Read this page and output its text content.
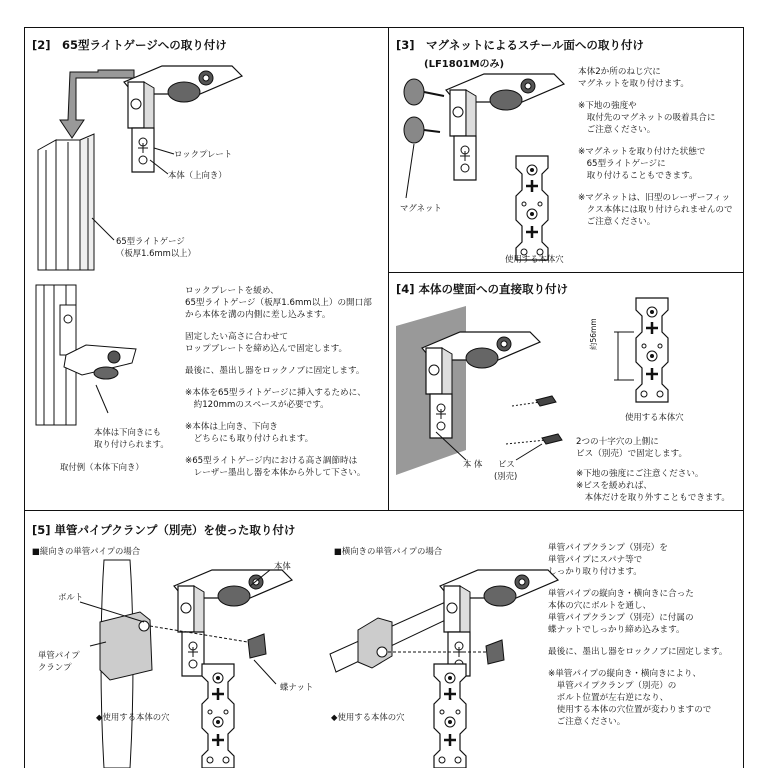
[2]　65型ライトゲージへの取り付け
ロックプレート
本体（上向き）
65型ライトゲージ
（板厚1.6mm以上）
本体は下向きにも
取り付けられます。
取付例（本体下向き）
ロックプレートを緩め、
65型ライトゲージ（板厚1.6mm以上）の開口部
から本体を溝の内側に差し込みます。
固定したい高さに合わせて
ロップブレートを締め込んで固定します。
最後に、墨出し器をロックノブに固定します。
※本体を65型ライトゲージに挿入するために、
　約120mmのスペースが必要です。
※本体は上向き、下向き
　どちらにも取り付けられます。
※65型ライトゲージ内における高さ調節時は
　レーザー墨出し器を本体から外して下さい。
[3]　マグネットによるスチール面への取り付け
(LF1801Mのみ)
マグネット
使用する本体穴
本体2か所のねじ穴に
マグネットを取り付けます。
※下地の強度や
　取付先のマグネットの吸着具合に
　ご注意ください。
※マグネットを取り付けた状態で
　65型ライトゲージに
　取り付けることもできます。
※マグネットは、旧型のレーザーフィッ
　クス本体には取り付けられませんので
　ご注意ください。
[4] 本体の壁面への直接取り付け
本 体 ビス
(別売)
約56mm
使用する本体穴
2つの十字穴の上側に
ビス（別売）で固定します。
※下地の強度にご注意ください。
※ビスを緩めれば、
　本体だけを取り外すこともできます。
[5] 単管パイプクランプ（別売）を使った取り付け
■縦向きの単管パイプの場合	■横向きの単管パイプの場合
本体
ボルト
単管パイプ
クランプ
蝶ナット
◆使用する本体の穴	◆使用する本体の穴
単管パイプクランプ（別売）を
単管パイプにスパナ等で
しっかり取り付けます。
単管パイプの縦向き・横向きに合った
本体の穴にボルトを通し、
単管パイプクランプ（別売）に付属の
蝶ナットでしっかり締め込みます。
最後に、墨出し器をロックノブに固定します。
※単管パイプの縦向き・横向きにより、
　単管パイプクランプ（別売）の
　ボルト位置が左右逆になり、
　使用する本体の穴位置が変わりますので
　ご注意ください。
